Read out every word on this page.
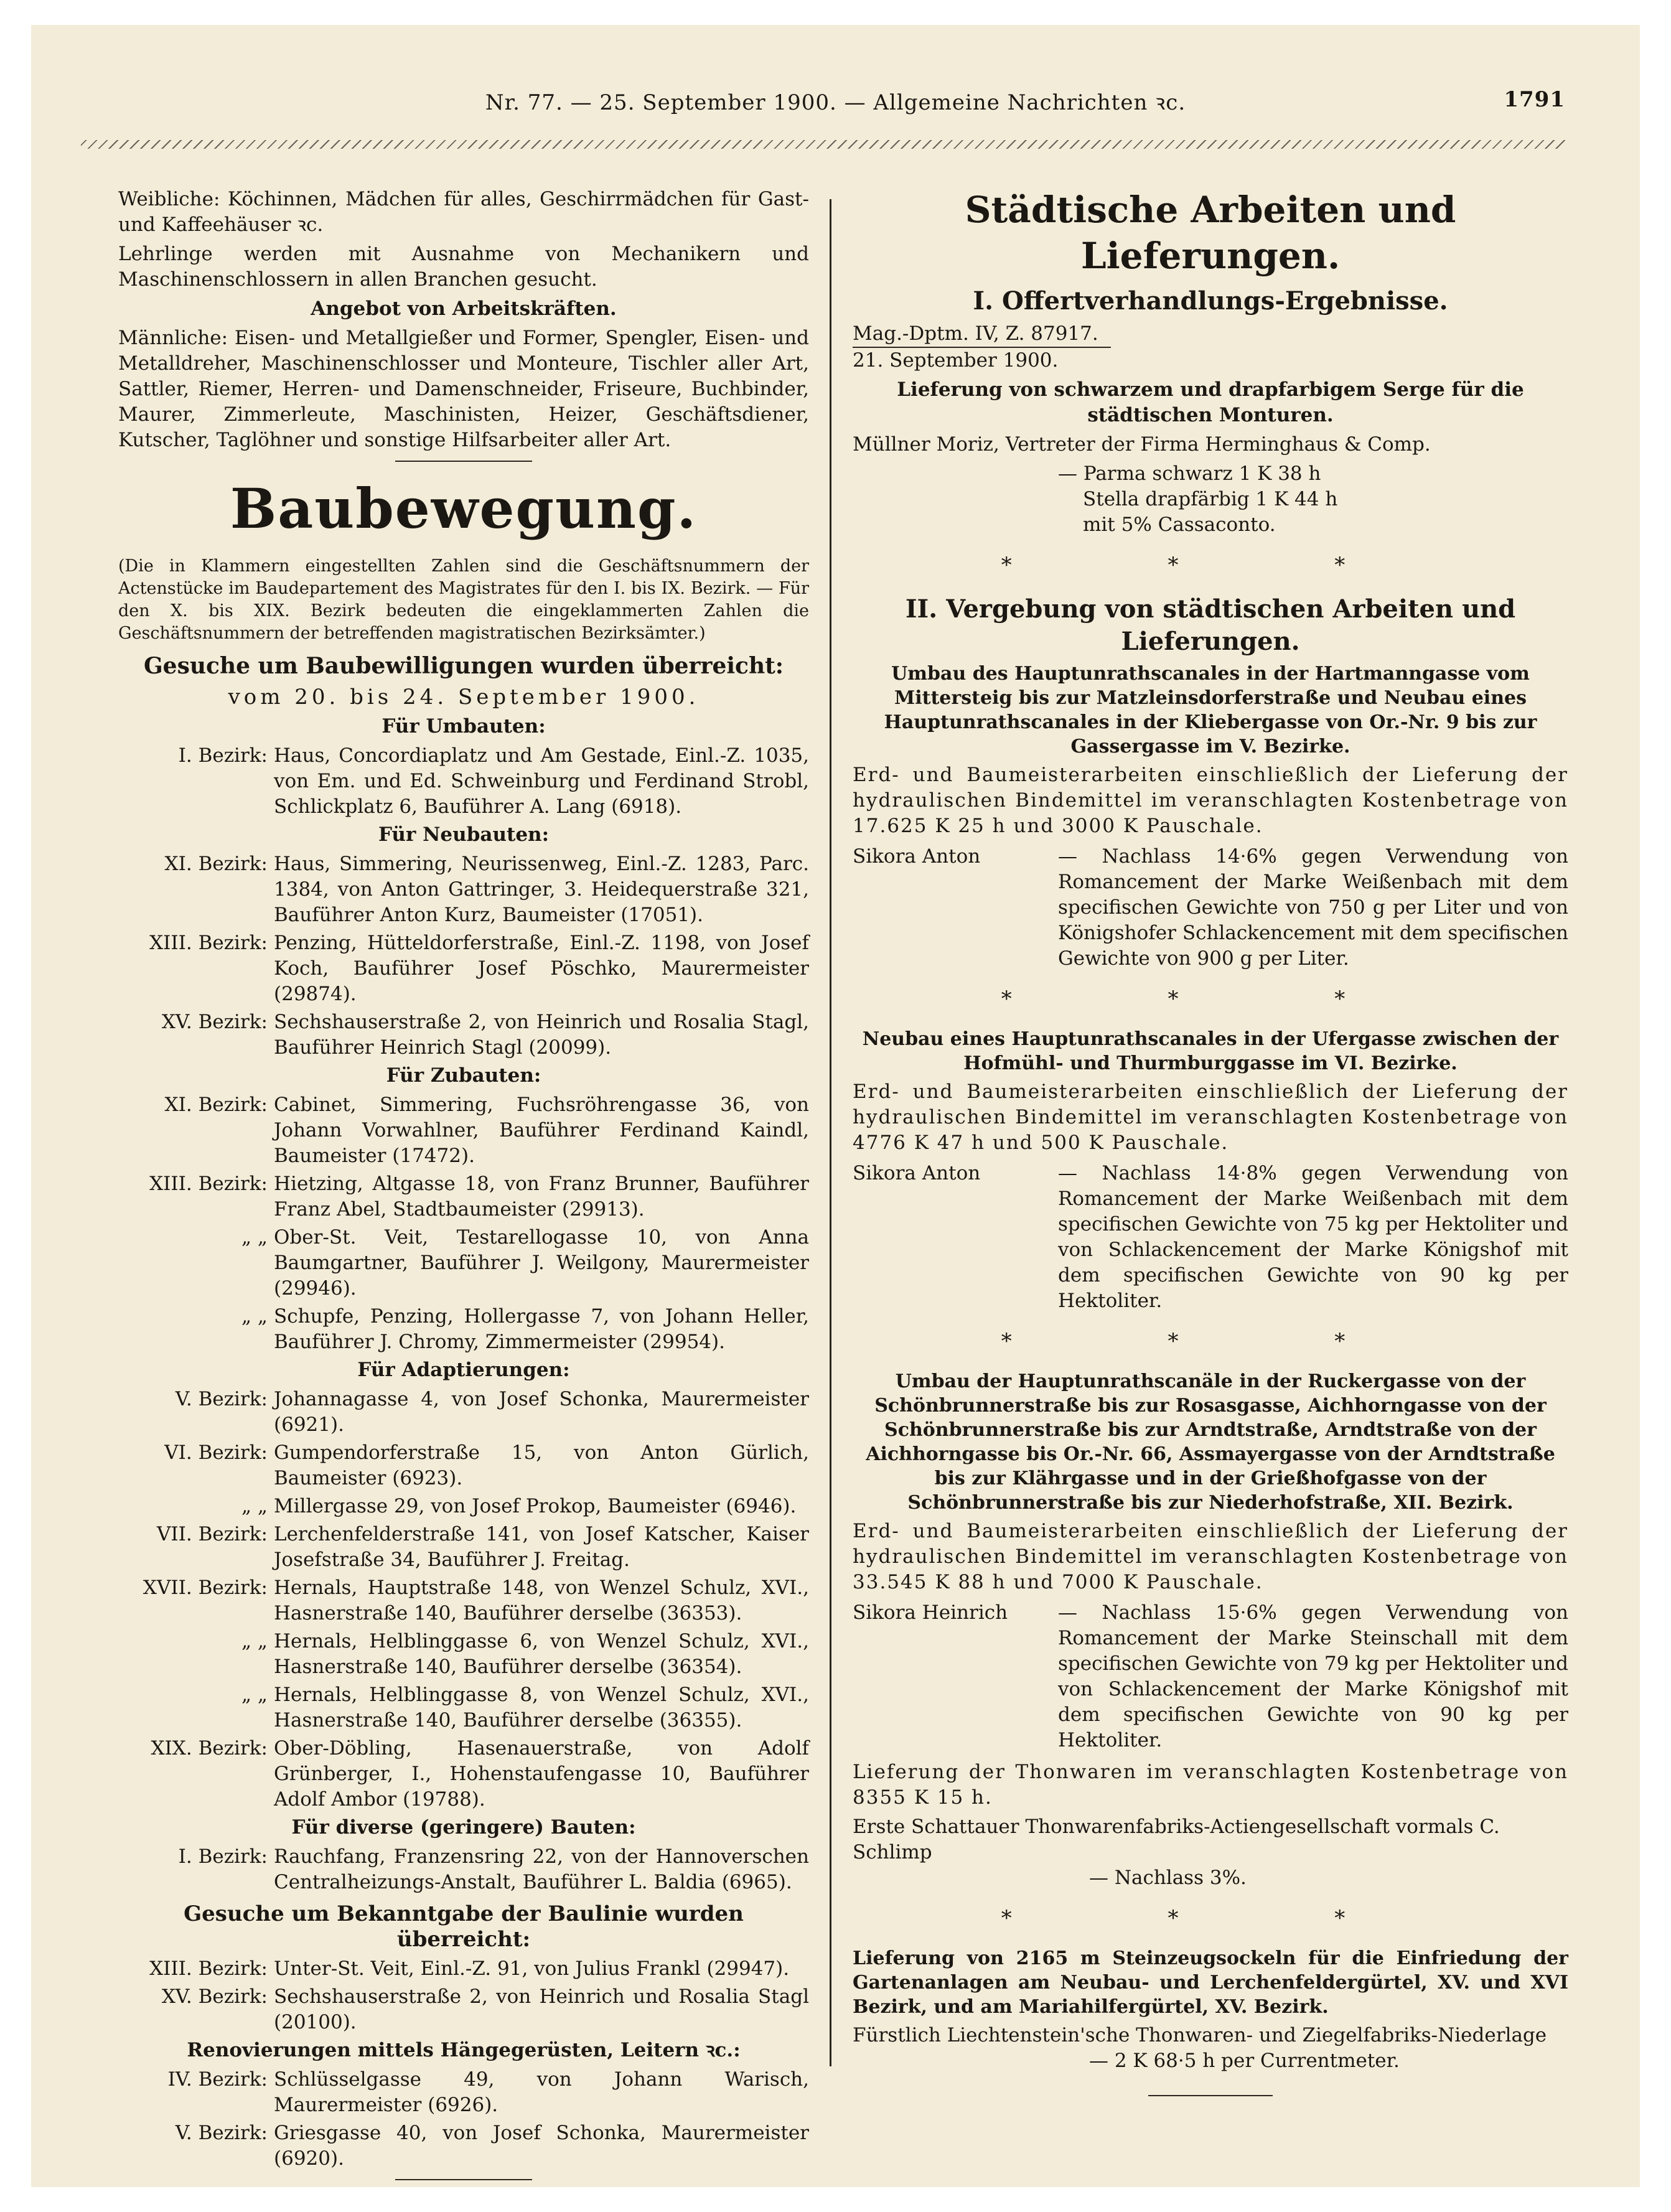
Nr. 77. — 25. September 1900. — Allgemeine Nachrichten ꝛc.	1791

Weibliche: Köchinnen, Mädchen für alles, Geschirrmädchen für Gast- und Kaffeehäuser ꝛc.

Lehrlinge werden mit Ausnahme von Mechanikern und Maschinenschlossern in allen Branchen gesucht.

Angebot von Arbeitskräften.

Männliche: Eisen- und Metallgießer und Former, Spengler, Eisen- und Metalldreher, Maschinenschlosser und Monteure, Tischler aller Art, Sattler, Riemer, Herren- und Damenschneider, Friseure, Buchbinder, Maurer, Zimmerleute, Maschinisten, Heizer, Geschäftsdiener, Kutscher, Taglöhner und sonstige Hilfsarbeiter aller Art.

Baubewegung.

(Die in Klammern eingestellten Zahlen sind die Geschäftsnummern der Actenstücke im Baudepartement des Magistrates für den I. bis IX. Bezirk. — Für den X. bis XIX. Bezirk bedeuten die eingeklammerten Zahlen die Geschäftsnummern der betreffenden magistratischen Bezirksämter.)

Gesuche um Baubewilligungen wurden überreicht:

vom 20. bis 24. September 1900.

Für Umbauten:

I. Bezirk: Haus, Concordiaplatz und Am Gestade, Einl.-Z. 1035, von Em. und Ed. Schweinburg und Ferdinand Strobl, Schlickplatz 6, Bauführer A. Lang (6918).

Für Neubauten:

XI. Bezirk: Haus, Simmering, Neurissenweg, Einl.-Z. 1283, Parc. 1384, von Anton Gattringer, 3. Heidequerstraße 321, Bauführer Anton Kurz, Baumeister (17051).
XIII. Bezirk: Penzing, Hütteldorferstraße, Einl.-Z. 1198, von Josef Koch, Bauführer Josef Pöschko, Maurermeister (29874).
XV. Bezirk: Sechshauserstraße 2, von Heinrich und Rosalia Stagl, Bauführer Heinrich Stagl (20099).

Für Zubauten:

XI. Bezirk: Cabinet, Simmering, Fuchsröhrengasse 36, von Johann Vorwahlner, Bauführer Ferdinand Kaindl, Baumeister (17472).
XIII. Bezirk: Hietzing, Altgasse 18, von Franz Brunner, Bauführer Franz Abel, Stadtbaumeister (29913).
„ „ Ober-St. Veit, Testarellogasse 10, von Anna Baumgartner, Bauführer J. Weilgony, Maurermeister (29946).
„ „ Schupfe, Penzing, Hollergasse 7, von Johann Heller, Bauführer J. Chromy, Zimmermeister (29954).

Für Adaptierungen:

V. Bezirk: Johannagasse 4, von Josef Schonka, Maurermeister (6921).
VI. Bezirk: Gumpendorferstraße 15, von Anton Gürlich, Baumeister (6923).
„ „ Millergasse 29, von Josef Prokop, Baumeister (6946).
VII. Bezirk: Lerchenfelderstraße 141, von Josef Katscher, Kaiser Josefstraße 34, Bauführer J. Freitag.
XVII. Bezirk: Hernals, Hauptstraße 148, von Wenzel Schulz, XVI., Hasnerstraße 140, Bauführer derselbe (36353).
„ „ Hernals, Helblinggasse 6, von Wenzel Schulz, XVI., Hasnerstraße 140, Bauführer derselbe (36354).
„ „ Hernals, Helblinggasse 8, von Wenzel Schulz, XVI., Hasnerstraße 140, Bauführer derselbe (36355).
XIX. Bezirk: Ober-Döbling, Hasenauerstraße, von Adolf Grünberger, I., Hohenstaufengasse 10, Bauführer Adolf Ambor (19788).

Für diverse (geringere) Bauten:

I. Bezirk: Rauchfang, Franzensring 22, von der Hannoverschen Centralheizungs-Anstalt, Bauführer L. Baldia (6965).

Gesuche um Bekanntgabe der Baulinie wurden überreicht:

XIII. Bezirk: Unter-St. Veit, Einl.-Z. 91, von Julius Frankl (29947).
XV. Bezirk: Sechshauserstraße 2, von Heinrich und Rosalia Stagl (20100).

Renovierungen mittels Hängegerüsten, Leitern ꝛc.:

IV. Bezirk: Schlüsselgasse 49, von Johann Warisch, Maurermeister (6926).
V. Bezirk: Griesgasse 40, von Josef Schonka, Maurermeister (6920).
Städtische Arbeiten und Lieferungen.
I. Offertverhandlungs-Ergebnisse.
Mag.-Dptm. IV, Z. 87917.

21. September 1900.

Lieferung von schwarzem und drapfarbigem Serge für die städtischen Monturen.

Müllner Moriz, Vertreter der Firma Herminghaus & Comp.

— Parma schwarz 1 K 38 h

Stella drapfärbig 1 K 44 h

mit 5% Cassaconto.

* * *
II. Vergebung von städtischen Arbeiten und Lieferungen.

Umbau des Hauptunrathscanales in der Hartmanngasse vom Mittersteig bis zur Matzleinsdorferstraße und Neubau eines Hauptunrathscanales in der Kliebergasse von Or.-Nr. 9 bis zur Gassergasse im V. Bezirke.

Erd- und Baumeisterarbeiten einschließlich der Lieferung der hydraulischen Bindemittel im veranschlagten Kostenbetrage von 17.625 K 25 h und 3000 K Pauschale.

Sikora Anton	— Nachlass 14·6% gegen Verwendung von Romancement der Marke Weißenbach mit dem specifischen Gewichte von 750 g per Liter und von Königshofer Schlackencement mit dem specifischen Gewichte von 900 g per Liter.
* * *

Neubau eines Hauptunrathscanales in der Ufergasse zwischen der Hofmühl- und Thurmburggasse im VI. Bezirke.

Erd- und Baumeisterarbeiten einschließlich der Lieferung der hydraulischen Bindemittel im veranschlagten Kostenbetrage von 4776 K 47 h und 500 K Pauschale.

Sikora Anton	— Nachlass 14·8% gegen Verwendung von Romancement der Marke Weißenbach mit dem specifischen Gewichte von 75 kg per Hektoliter und von Schlackencement der Marke Königshof mit dem specifischen Gewichte von 90 kg per Hektoliter.
* * *

Umbau der Hauptunrathscanäle in der Ruckergasse von der Schönbrunnerstraße bis zur Rosasgasse, Aichhorngasse von der Schönbrunnerstraße bis zur Arndtstraße, Arndtstraße von der Aichhorngasse bis Or.-Nr. 66, Assmayergasse von der Arndtstraße bis zur Klährgasse und in der Grießhofgasse von der Schönbrunnerstraße bis zur Niederhofstraße, XII. Bezirk.

Erd- und Baumeisterarbeiten einschließlich der Lieferung der hydraulischen Bindemittel im veranschlagten Kostenbetrage von 33.545 K 88 h und 7000 K Pauschale.

Sikora Heinrich	— Nachlass 15·6% gegen Verwendung von Romancement der Marke Steinschall mit dem specifischen Gewichte von 79 kg per Hektoliter und von Schlackencement der Marke Königshof mit dem specifischen Gewichte von 90 kg per Hektoliter.

Lieferung der Thonwaren im veranschlagten Kostenbetrage von 8355 K 15 h.

Erste Schattauer Thonwarenfabriks-Actiengesellschaft vormals C. Schlimp

— Nachlass 3%.

* * *

Lieferung von 2165 m Steinzeugsockeln für die Einfriedung der Gartenanlagen am Neubau- und Lerchenfeldergürtel, XV. und XVI Bezirk, und am Mariahilfergürtel, XV. Bezirk.

Fürstlich Liechtenstein'sche Thonwaren- und Ziegelfabriks-Niederlage

— 2 K 68·5 h per Currentmeter.
